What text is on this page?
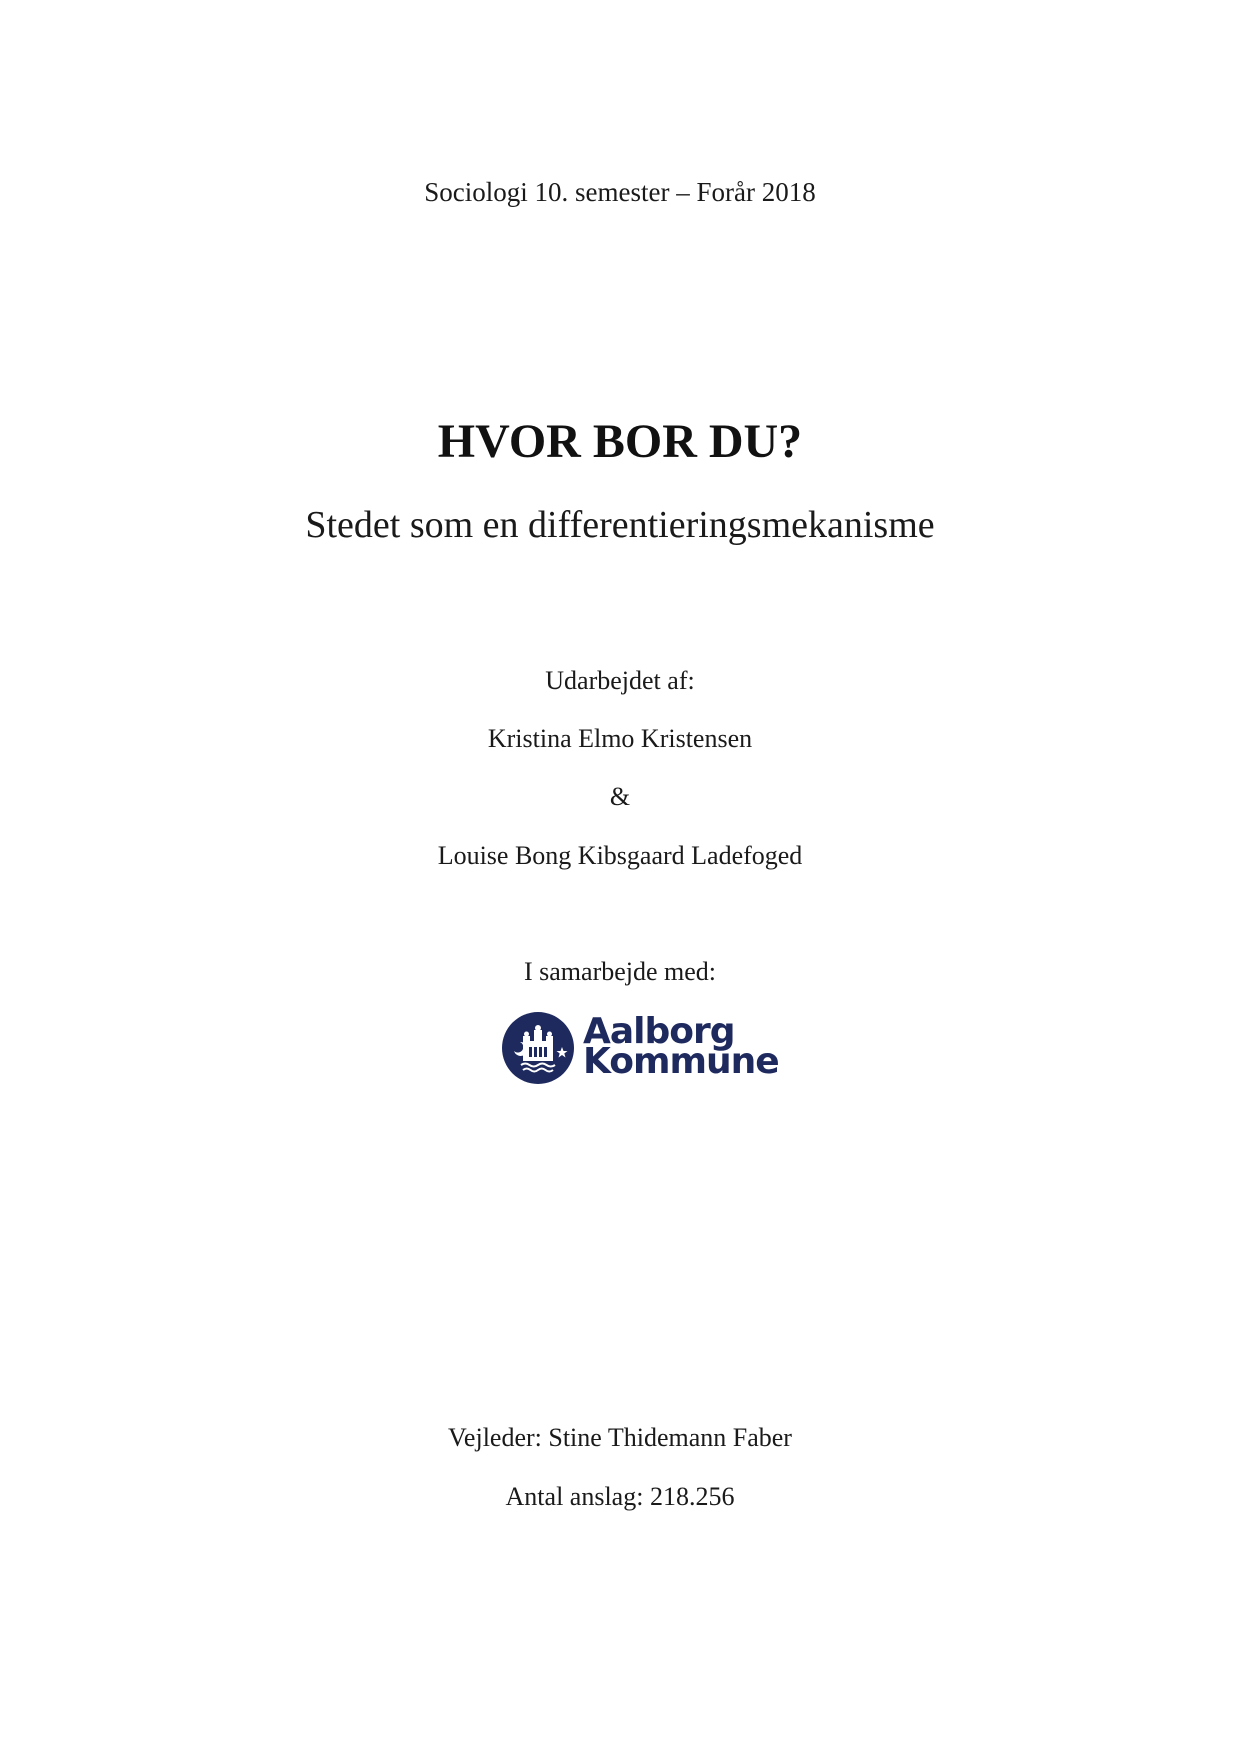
Sociologi 10. semester – Forår 2018
HVOR BOR DU?
Stedet som en differentieringsmekanisme
Udarbejdet af:
Kristina Elmo Kristensen
&
Louise Bong Kibsgaard Ladefoged
I samarbejde med:
Aalborg
Kommune
Vejleder: Stine Thidemann Faber
Antal anslag: 218.256
